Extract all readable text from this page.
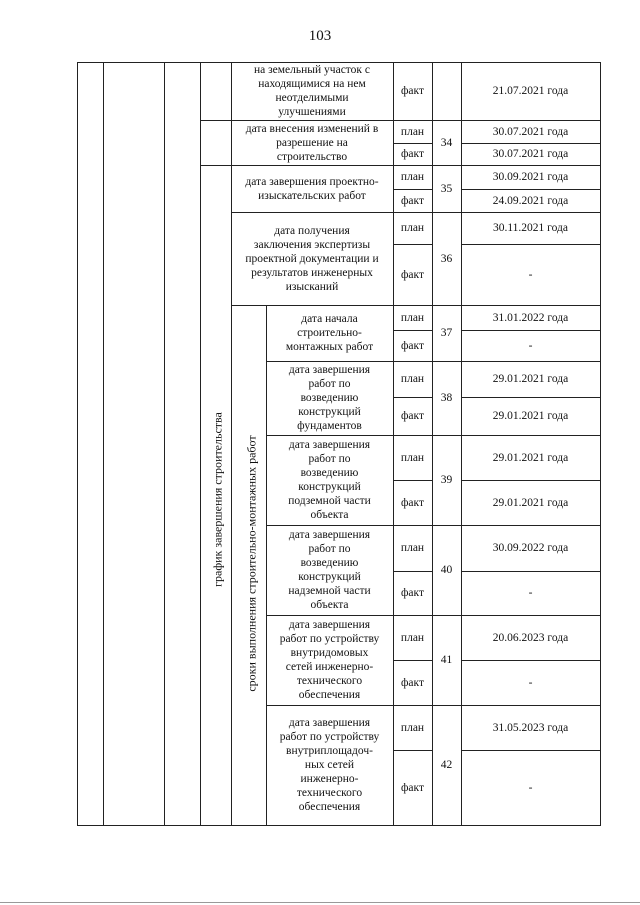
103
график завершения строительства сроки выполнения строительно-монтажных работ
на земельный участок с
находящимися на нем
неотделимыми
улучшениями
факт	21.07.2021 года
дата внесения изменений в
разрешение на
строительство
план
факт
34
30.07.2021 года
30.07.2021 года
дата завершения проектно-
изыскательских работ
план
факт
35
30.09.2021 года
24.09.2021 года
дата получения
заключения экспертизы
проектной документации и
результатов инженерных
изысканий
план
факт
36
30.11.2021 года
-
дата начала
строительно-
монтажных работ
план
факт
37
31.01.2022 года
-
дата завершения
работ по
возведению
конструкций
фундаментов
план
факт
38
29.01.2021 года
29.01.2021 года
дата завершения
работ по
возведению
конструкций
подземной части
объекта
план
факт
39
29.01.2021 года
29.01.2021 года
дата завершения
работ по
возведению
конструкций
надземной части
объекта
план
факт
40
30.09.2022 года
-
дата завершения
работ по устройству
внутридомовых
сетей инженерно-
технического
обеспечения
план
факт
41
20.06.2023 года
-
дата завершения
работ по устройству
внутриплощадоч-
ных сетей
инженерно-
технического
обеспечения
план
факт
42
31.05.2023 года
-
